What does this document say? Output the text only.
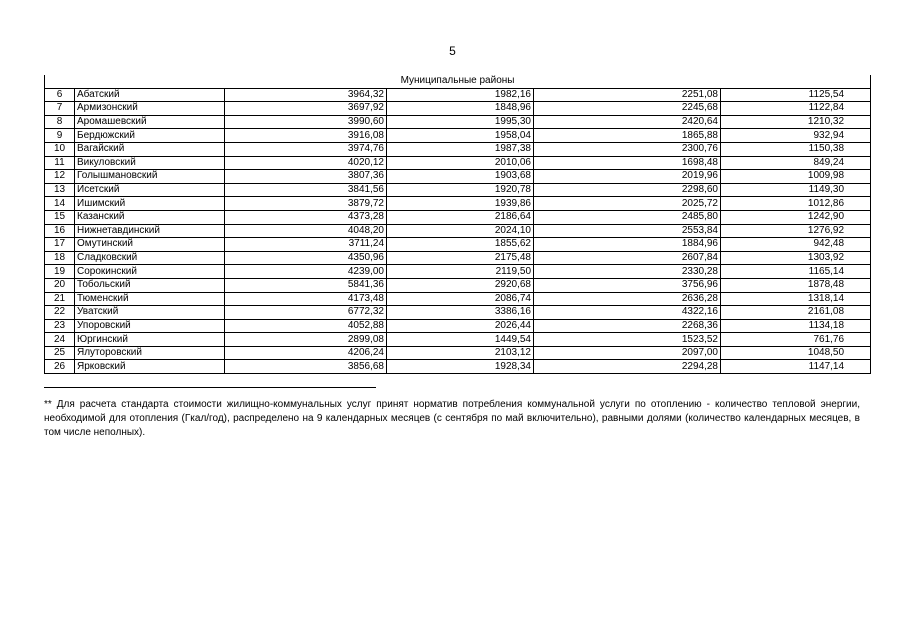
5
Муниципальные районы					
6	Абатский	3964,32	1982,16	2251,08	1125,54
7	Армизонский	3697,92	1848,96	2245,68	1122,84
8	Аромашевский	3990,60	1995,30	2420,64	1210,32
9	Бердюжский	3916,08	1958,04	1865,88	932,94
10	Вагайский	3974,76	1987,38	2300,76	1150,38
11	Викуловский	4020,12	2010,06	1698,48	849,24
12	Голышмановский	3807,36	1903,68	2019,96	1009,98
13	Исетский	3841,56	1920,78	2298,60	1149,30
14	Ишимский	3879,72	1939,86	2025,72	1012,86
15	Казанский	4373,28	2186,64	2485,80	1242,90
16	Нижнетавдинский	4048,20	2024,10	2553,84	1276,92
17	Омутинский	3711,24	1855,62	1884,96	942,48
18	Сладковский	4350,96	2175,48	2607,84	1303,92
19	Сорокинский	4239,00	2119,50	2330,28	1165,14
20	Тобольский	5841,36	2920,68	3756,96	1878,48
21	Тюменский	4173,48	2086,74	2636,28	1318,14
22	Уватский	6772,32	3386,16	4322,16	2161,08
23	Упоровский	4052,88	2026,44	2268,36	1134,18
24	Юргинский	2899,08	1449,54	1523,52	761,76
25	Ялуторовский	4206,24	2103,12	2097,00	1048,50
26	Ярковский	3856,68	1928,34	2294,28	1147,14
** Для расчета стандарта стоимости жилищно-коммунальных услуг принят норматив потребления коммунальной услуги по отоплению - количество тепловой энергии, необходимой для отопления (Гкал/год), распределено на 9 календарных месяцев (с сентября по май включительно), равными долями (количество календарных месяцев, в том числе неполных).
